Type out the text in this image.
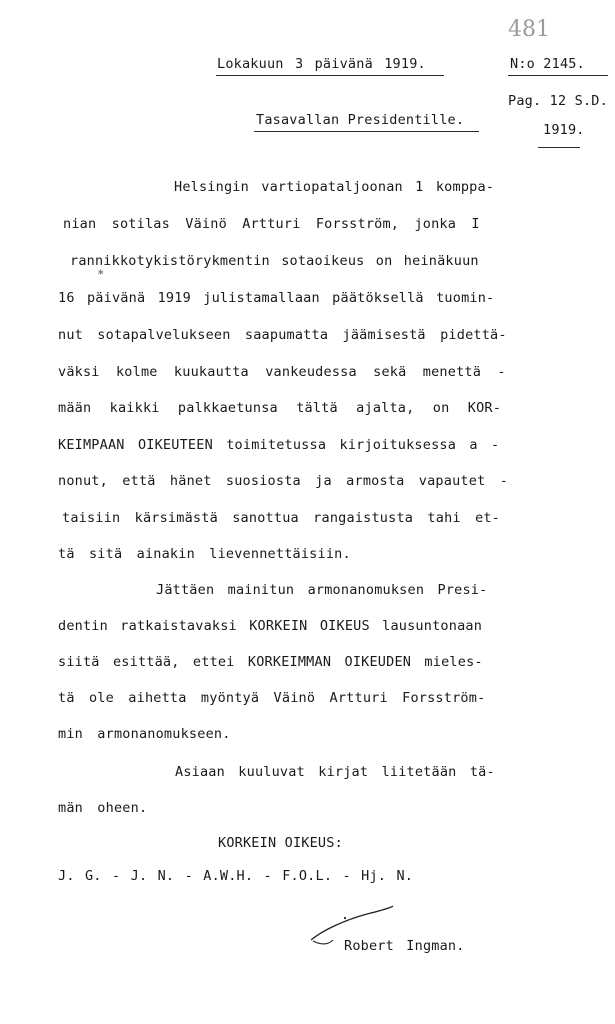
Lokakuun 3 päivänä 1919.
481
N:o 2145.
Pag. 12 S.D.
1919.
Tasavallan Presidentille.
Helsingin vartiopataljoonan 1 komppa-
nian sotilas Väinö Artturi Forsström, jonka I
rannikkotykistörykmentin sotaoikeus on heinäkuun
*
16 päivänä 1919 julistamallaan päätöksellä tuomin-
nut sotapalvelukseen saapumatta jäämisestä pidettä-
väksi kolme kuukautta vankeudessa sekä menettä -
mään kaikki palkkaetunsa tältä ajalta, on KOR-
KEIMPAAN OIKEUTEEN toimitetussa kirjoituksessa a -
nonut, että hänet suosiosta ja armosta vapautet -
taisiin kärsimästä sanottua rangaistusta tahi et-
tä sitä ainakin lievennettäisiin.
Jättäen mainitun armonanomuksen Presi-
dentin ratkaistavaksi KORKEIN OIKEUS lausuntonaan
siitä esittää, ettei KORKEIMMAN OIKEUDEN mieles-
tä ole aihetta myöntyä Väinö Artturi Forsström-
min armonanomukseen.
Asiaan kuuluvat kirjat liitetään tä-
män oheen.
KORKEIN OIKEUS:
J. G. - J. N. - A.W.H. - F.O.L. - Hj. N.
Robert Ingman.
